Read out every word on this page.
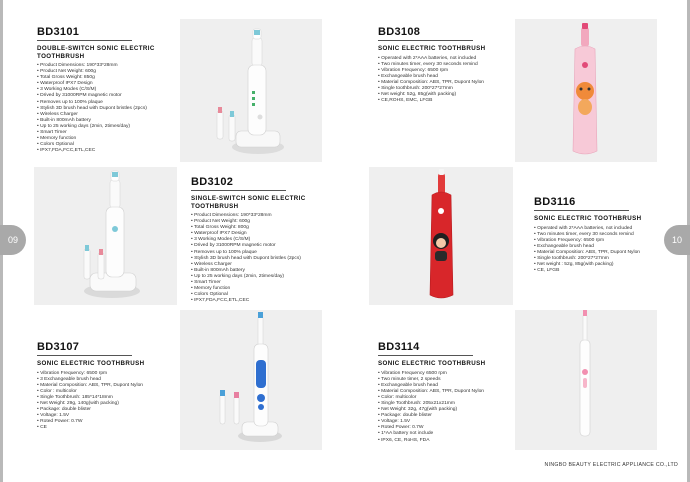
09	10
BD3101
DOUBLE-SWITCH SONIC ELECTRIC TOOTHBRUSH
• Product Dimensions: 190*33*28mm
• Product Net Weight: 600g
• Total Gross Weight: 850g
• Waterproof IPX7 Design
• 3 Working Modes (C/S/M)
• Drived by 31000RPM magnetic motor
• Removes up to 100% plaque
• Stylish 3D brush head with Dupont bristles (2pcs)
• Wireless Charger
• Built-in 800mAh battery
• Up to 25 working days (2min, 2times/day)
• Smart Timer
• Memory function
• Colors Optional
• IPX7,FDA,FCC,ETL,CEC
BD3102
SINGLE-SWITCH SONIC ELECTRIC TOOTHBRUSH
• Product Dimensions: 190*33*28mm
• Product Net Weight: 600g
• Total Gross Weight: 800g
• Waterproof IPX7 Design
• 3 Working Modes (C/S/M)
• Drived by 31000RPM magnetic motor
• Removes up to 100% plaque
• Stylish 3D brush head with Dupont bristles (2pcs)
• Wireless Charger
• Built-in 800mAh battery
• Up to 25 working days (2min, 2times/day)
• Smart Timer
• Memory function
• Colors Optional
• IPX7,FDA,FCC,ETL,CEC
BD3107
SONIC ELECTRIC TOOTHBRUSH
• Vibration Frequency: 6500 rpm
• 3 Exchangeable brush head
• Material Composition: ABS, TPR, Dupont Nylon
• Color : multicolor
• Single Toothbrush: 185*14*18mm
• Net Weight: 29g, 140g(with packing)
• Package: double blister
• Voltage: 1.5V
• Roted Power: 0.7W
• CE
BD3108
SONIC ELECTRIC TOOTHBRUSH
• Operated with 2*AAA batteries, not included
• Two minutes timer, every 30 seconds remind
• Vibration Frequency: 6500 rpm
• Exchangeable brush head
• Material Composition: ABS, TPR, Dupont Nylon
• Single toothbrush: 200*27*27mm
• Net weight: 52g, 85g(with packing)
• CE,ROHS, EMC, LFGB
BD3116
SONIC ELECTRIC TOOTHBRUSH
• Operated with 2*AAA batteries, not included
• Two minutes timer, every 30 seconds remind
• Vibration Frequency: 6500 rpm
• Exchangeable brush head
• Material Composition: ABS, TPR, Dupont Nylon
• Single toothbrush: 200*27*27mm
• Net weight : 52g, 85g(with packing)
• CE, LFGB
BD3114
SONIC ELECTRIC TOOTHBRUSH
• Vibration Frequency 6500 rpm
• Two minute timer, 2 speeds
• Exchangeable brush head
• Material Composition: ABS, TPR, Dupont Nylon
• Color: multicolor
• Single Toothbrush: 205x21x21mm
• Net Weight: 32g, 47g(with packing)
• Package: double blister
• Voltage: 1.5V
• Roted Power: 0.7W
• 1*AA battery not include
• IPX6, CE, RoHS, FDA
NINGBO BEAUTY ELECTRIC APPLIANCE CO.,LTD
